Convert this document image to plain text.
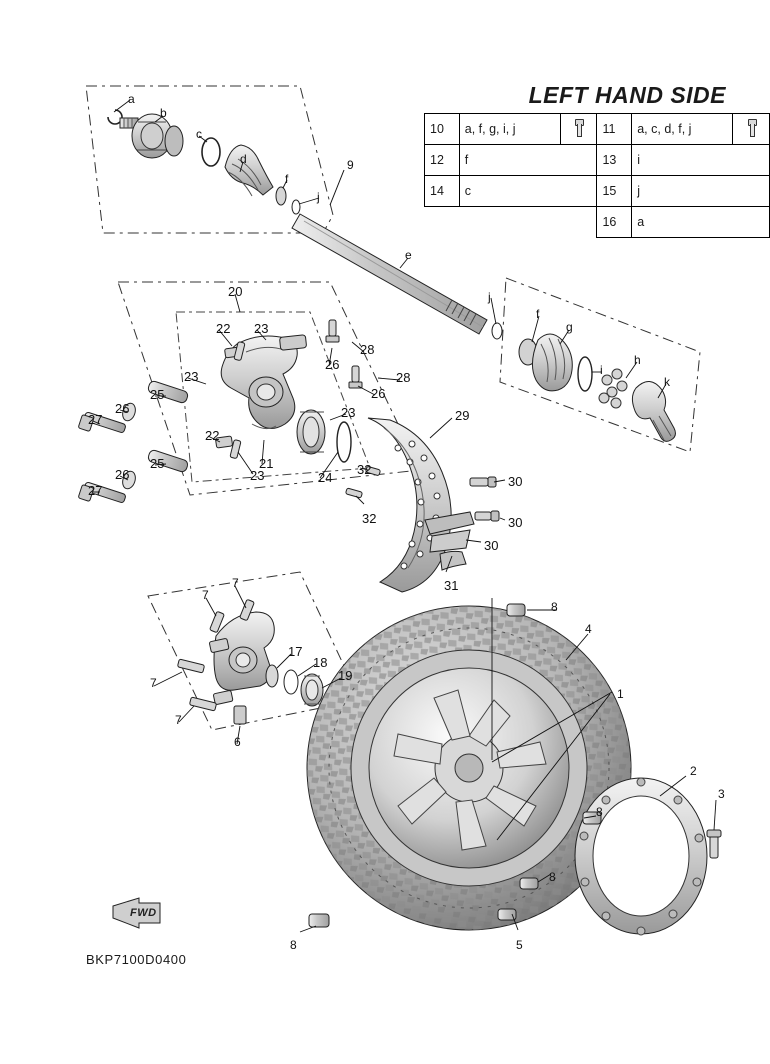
LEFT HAND SIDE
10	a, f, g, i, j		11	a, c, d, f, j	
12	f		13	i	
14	c		15	j	
			16	a	
FWD
BKP7100D0400
a
b
c
d
f
j
9
e
j
f
g
i
h
k
20
22 23
26
28
23
25
26
27
26
28
23
22
21
23	24
32
29
30
30
30
31
32
25
26
27
7
7
7
7
17
18
19
6
8
4
1
2
3
8
8
5
8
